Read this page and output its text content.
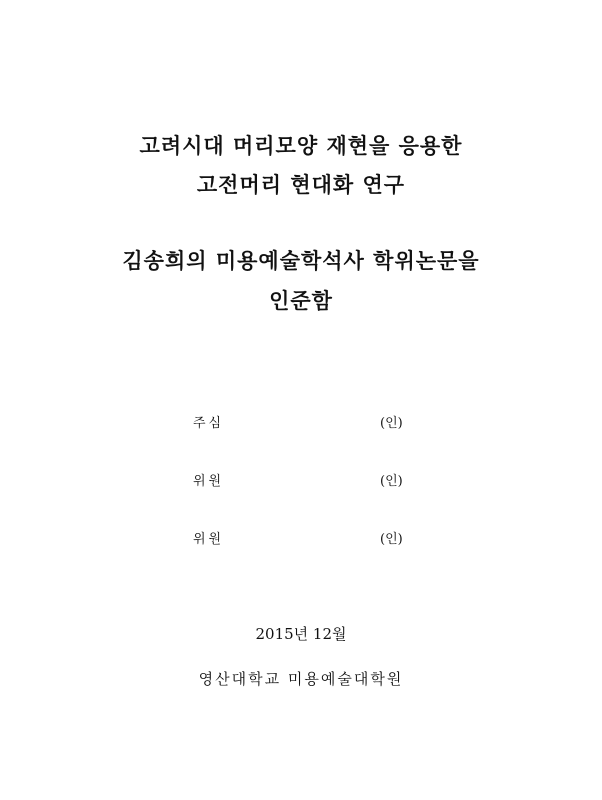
고려시대 머리모양 재현을 응용한
고전머리 현대화 연구
김송희의 미용예술학석사 학위논문을
인준함
주심	(인)
위원	(인)
위원	(인)
2015년 12월
영산대학교 미용예술대학원
